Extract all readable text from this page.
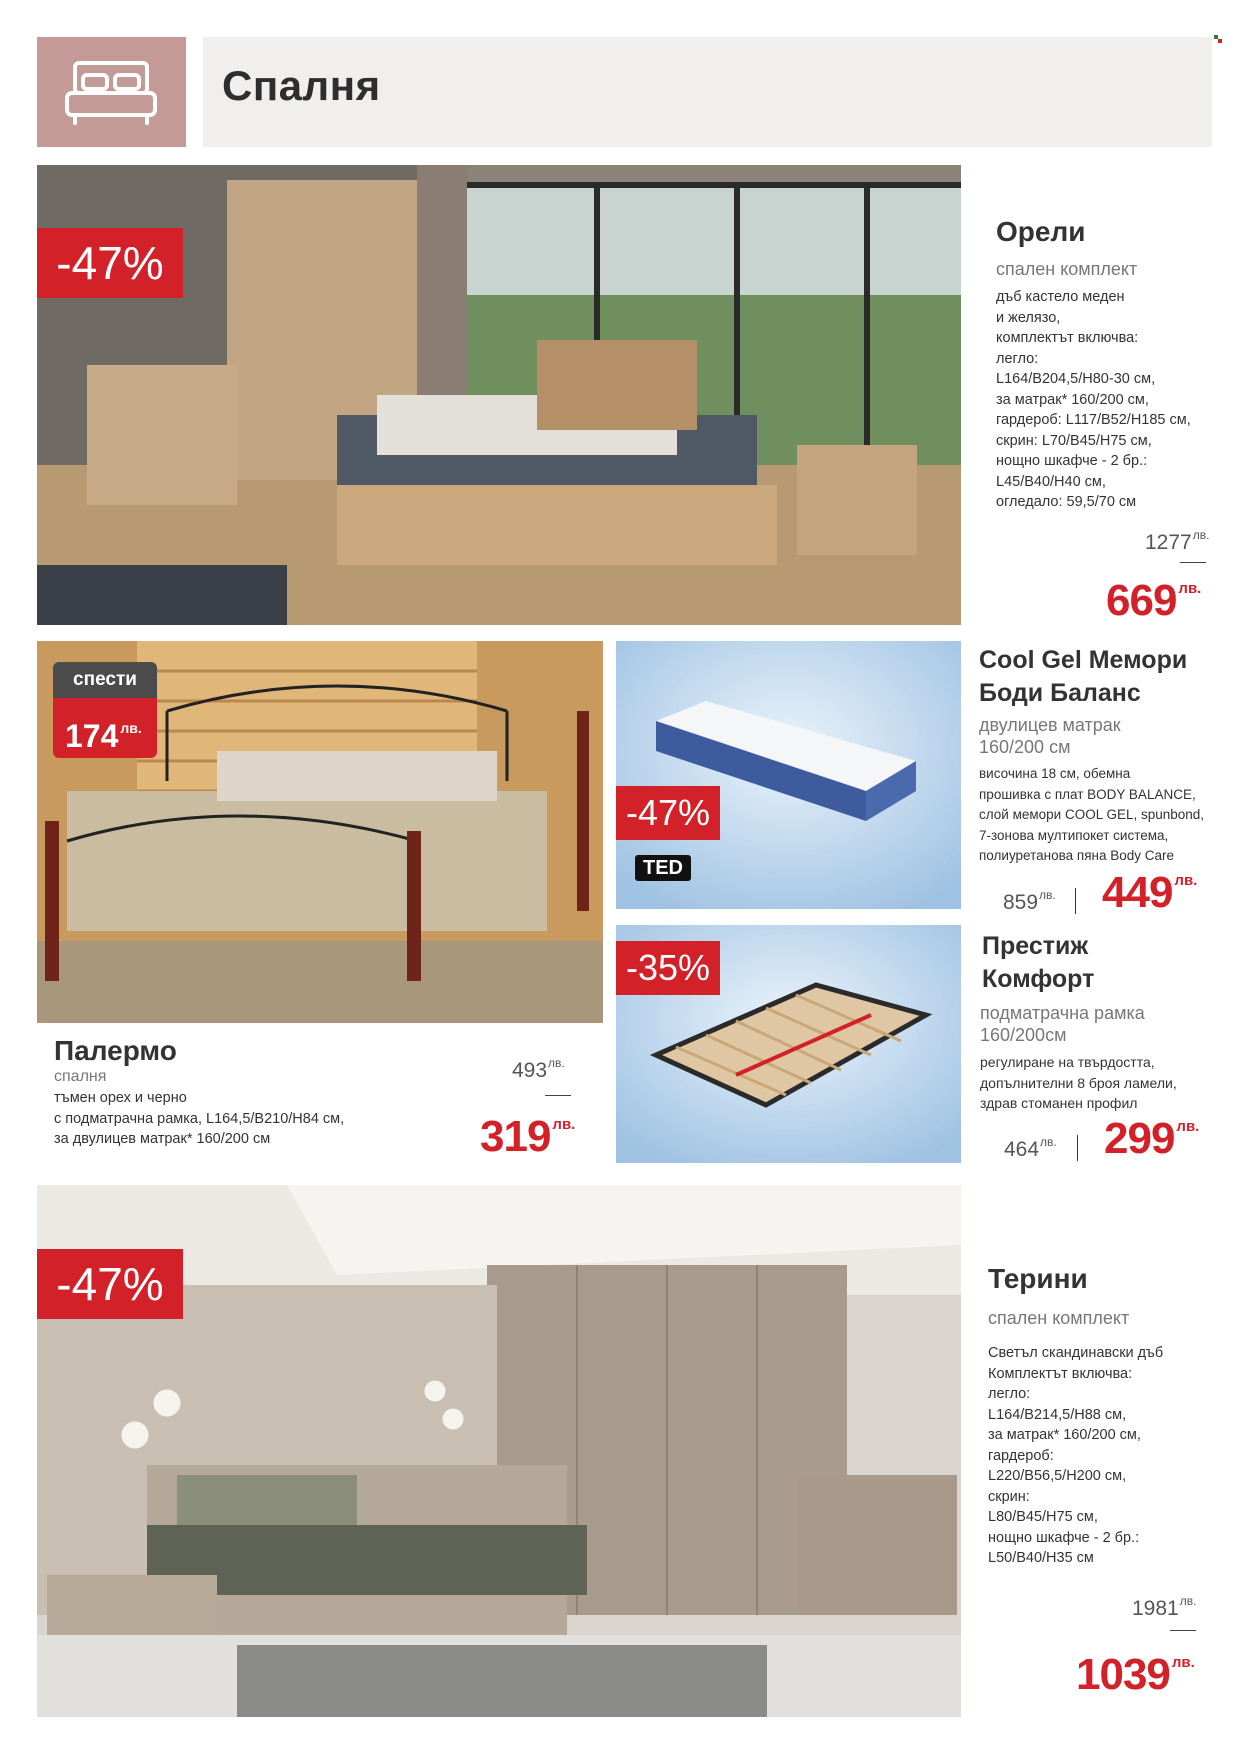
Спалня
-47%
Орели
спален комплект
дъб кастело меден
и желязо,
комплектът включва:
легло:
L164/B204,5/H80-30 см,
за матрак* 160/200 см,
гардероб: L117/B52/H185 см,
скрин: L70/B45/H75 см,
нощно шкафче - 2 бр.:
L45/B40/H40 см,
огледало: 59,5/70 см
$1277^{лв.}$
669 $^{лв.}$
спести
174 $^{лв.}$
Палермо
спалня
тъмен орех и черно
с подматрачна рамка, L164,5/B210/H84 см,
за двулицев матрак* 160/200 см
$493^{лв.}$
319 $^{лв.}$
-47%
TED
Cool Gel Мемори
Боди Баланс
двулицев матрак
160/200 см
височина 18 см, обемна
прошивка с плат BODY BALANCE,
слой мемори COOL GEL, spunbond,
7-зонова мултипокет система,
полиуретанова пяна Body Care
$859^{лв.}$ 449 $^{лв.}$
-35%
Престиж
Комфорт
подматрачна рамка
160/200см
регулиране на твърдостта,
допълнителни 8 броя ламели,
здрав стоманен профил
$464^{лв.}$ 299 $^{лв.}$
-47%	Терини
спален комплект
Светъл скандинавски дъб
Комплектът включва:
легло:
L164/B214,5/H88 см,
за матрак* 160/200 см,
гардероб:
L220/B56,5/H200 см,
скрин:
L80/B45/H75 см,
нощно шкафче - 2 бр.:
L50/B40/H35 см
$1981^{лв.}$
1039 $^{лв.}$
